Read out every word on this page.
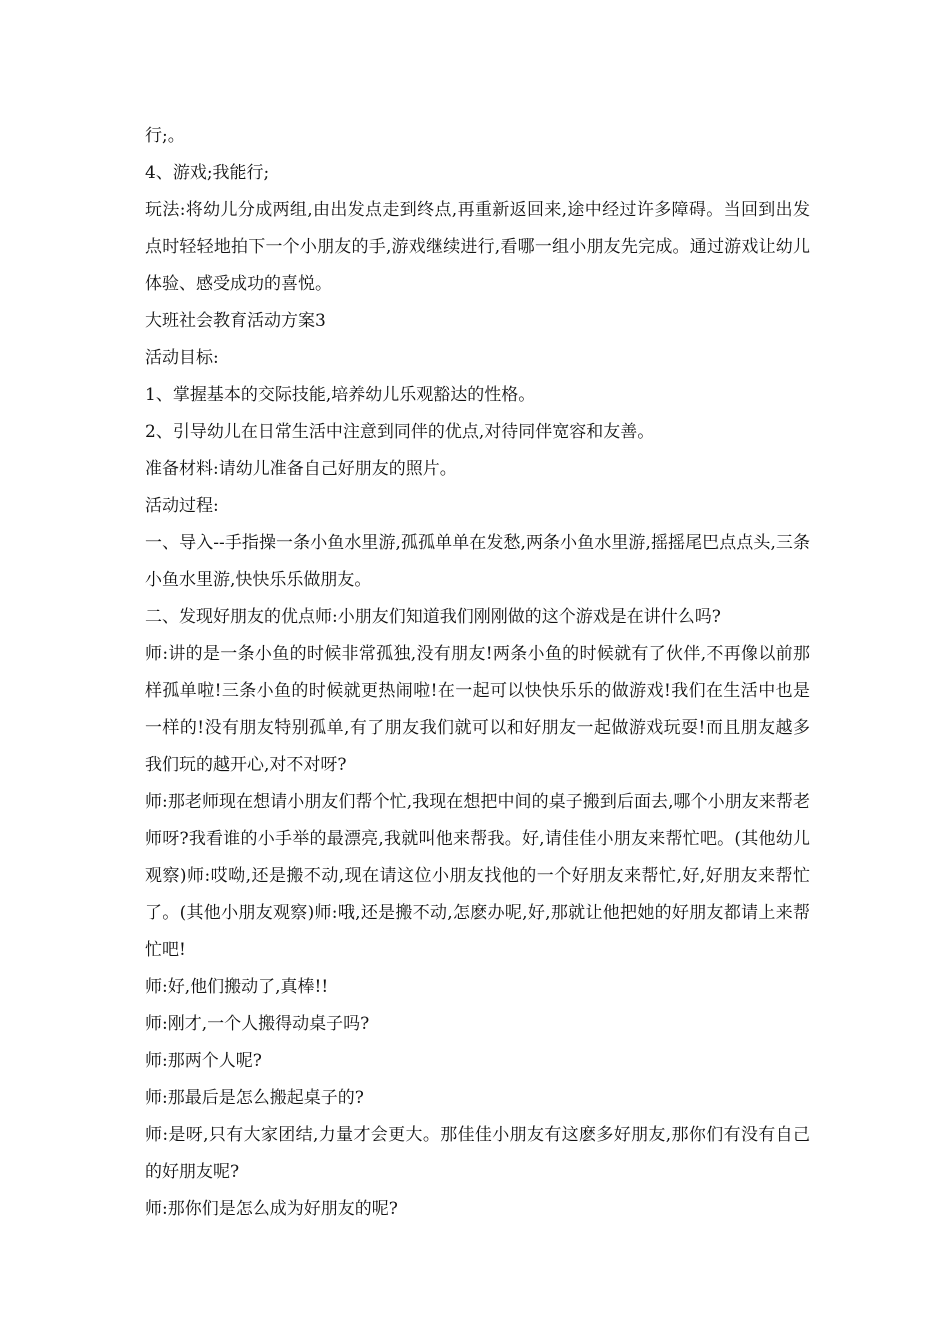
行;。

4、游戏;我能行;

玩法:将幼儿分成两组,由出发点走到终点,再重新返回来,途中经过许多障碍。当回到出发点时轻轻地拍下一个小朋友的手,游戏继续进行,看哪一组小朋友先完成。通过游戏让幼儿体验、感受成功的喜悦。

大班社会教育活动方案3

活动目标:

1、掌握基本的交际技能,培养幼儿乐观豁达的性格。

2、引导幼儿在日常生活中注意到同伴的优点,对待同伴宽容和友善。

准备材料:请幼儿准备自己好朋友的照片。

活动过程:

一、导入--手指操一条小鱼水里游,孤孤单单在发愁,两条小鱼水里游,摇摇尾巴点点头,三条小鱼水里游,快快乐乐做朋友。

二、发现好朋友的优点师:小朋友们知道我们刚刚做的这个游戏是在讲什么吗?

师:讲的是一条小鱼的时候非常孤独,没有朋友!两条小鱼的时候就有了伙伴,不再像以前那样孤单啦!三条小鱼的时候就更热闹啦!在一起可以快快乐乐的做游戏!我们在生活中也是一样的!没有朋友特别孤单,有了朋友我们就可以和好朋友一起做游戏玩耍!而且朋友越多我们玩的越开心,对不对呀?

师:那老师现在想请小朋友们帮个忙,我现在想把中间的桌子搬到后面去,哪个小朋友来帮老师呀?我看谁的小手举的最漂亮,我就叫他来帮我。好,请佳佳小朋友来帮忙吧。(其他幼儿观察)师:哎呦,还是搬不动,现在请这位小朋友找他的一个好朋友来帮忙,好,好朋友来帮忙了。(其他小朋友观察)师:哦,还是搬不动,怎麽办呢,好,那就让他把她的好朋友都请上来帮忙吧!

师:好,他们搬动了,真棒!!

师:刚才,一个人搬得动桌子吗?

师:那两个人呢?

师:那最后是怎么搬起桌子的?

师:是呀,只有大家团结,力量才会更大。那佳佳小朋友有这麽多好朋友,那你们有没有自己的好朋友呢?

师:那你们是怎么成为好朋友的呢?
